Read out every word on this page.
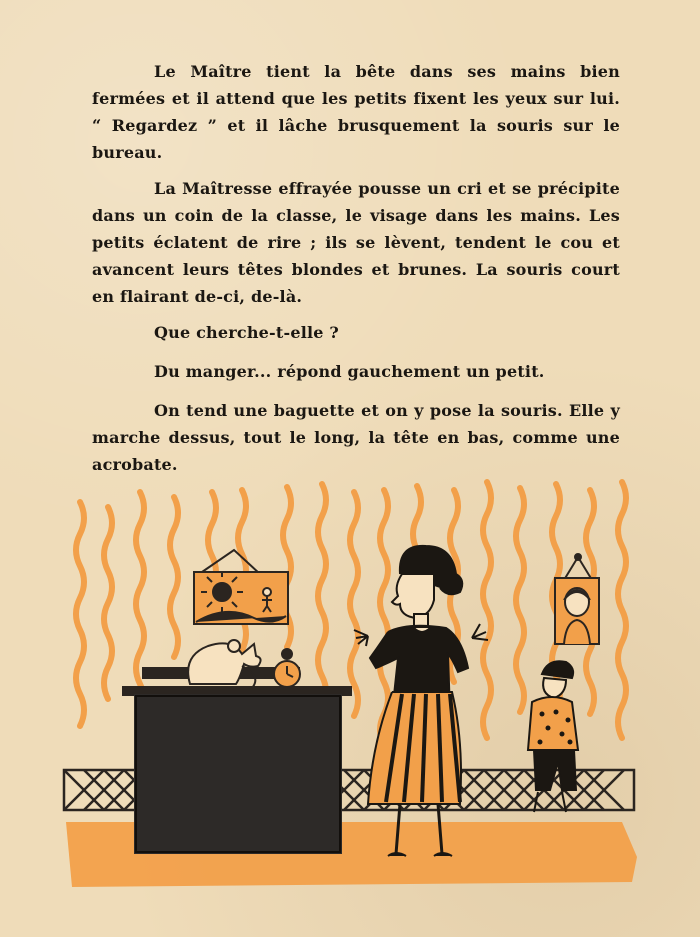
Le Maître tient la bête dans ses mains bien fermées et il attend que les petits fixent les yeux sur lui. “ Regardez ” et il lâche brusquement la souris sur le bureau.

La Maîtresse effrayée pousse un cri et se précipite dans un coin de la classe, le visage dans les mains. Les petits éclatent de rire ; ils se lèvent, tendent le cou et avancent leurs têtes blondes et brunes. La souris court en flairant de-ci, de-là.

Que cherche-t-elle ?

Du manger... répond gauchement un petit.

On tend une baguette et on y pose la souris. Elle y marche dessus, tout le long, la tête en bas, comme une acrobate.
